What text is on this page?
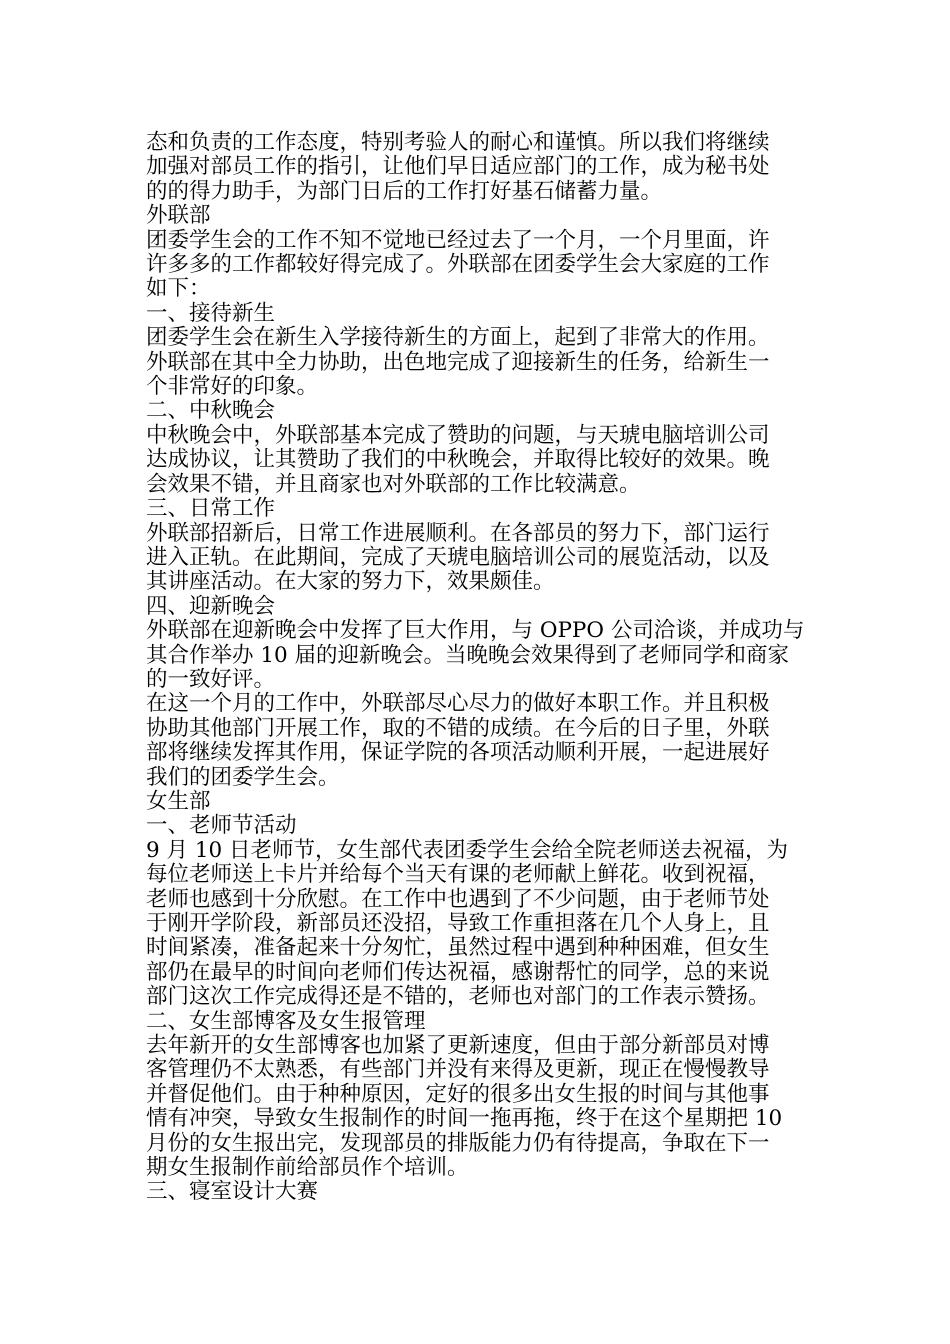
态和负责的工作态度，特别考验人的耐心和谨慎。所以我们将继续
加强对部员工作的指引，让他们早日适应部门的工作，成为秘书处
的的得力助手，为部门日后的工作打好基石储蓄力量。
外联部
团委学生会的工作不知不觉地已经过去了一个月，一个月里面，许
许多多的工作都较好得完成了。外联部在团委学生会大家庭的工作
如下：
一、接待新生
团委学生会在新生入学接待新生的方面上，起到了非常大的作用。
外联部在其中全力协助，出色地完成了迎接新生的任务，给新生一
个非常好的印象。
二、中秋晚会
中秋晚会中，外联部基本完成了赞助的问题，与天琥电脑培训公司
达成协议，让其赞助了我们的中秋晚会，并取得比较好的效果。晚
会效果不错，并且商家也对外联部的工作比较满意。
三、日常工作
外联部招新后，日常工作进展顺利。在各部员的努力下，部门运行
进入正轨。在此期间，完成了天琥电脑培训公司的展览活动，以及
其讲座活动。在大家的努力下，效果颇佳。
四、迎新晚会
外联部在迎新晚会中发挥了巨大作用，与 OPPO 公司洽谈，并成功与
其合作举办 10 届的迎新晚会。当晚晚会效果得到了老师同学和商家
的一致好评。
在这一个月的工作中，外联部尽心尽力的做好本职工作。并且积极
协助其他部门开展工作，取的不错的成绩。在今后的日子里，外联
部将继续发挥其作用，保证学院的各项活动顺利开展，一起进展好
我们的团委学生会。
女生部
一、老师节活动
9 月 10 日老师节，女生部代表团委学生会给全院老师送去祝福，为
每位老师送上卡片并给每个当天有课的老师献上鲜花。收到祝福，
老师也感到十分欣慰。在工作中也遇到了不少问题，由于老师节处
于刚开学阶段，新部员还没招，导致工作重担落在几个人身上，且
时间紧凑，准备起来十分匆忙，虽然过程中遇到种种困难，但女生
部仍在最早的时间向老师们传达祝福，感谢帮忙的同学，总的来说
部门这次工作完成得还是不错的，老师也对部门的工作表示赞扬。
二、女生部博客及女生报管理
去年新开的女生部博客也加紧了更新速度，但由于部分新部员对博
客管理仍不太熟悉，有些部门并没有来得及更新，现正在慢慢教导
并督促他们。由于种种原因，定好的很多出女生报的时间与其他事
情有冲突，导致女生报制作的时间一拖再拖，终于在这个星期把 10
月份的女生报出完，发现部员的排版能力仍有待提高，争取在下一
期女生报制作前给部员作个培训。
三、寝室设计大赛
